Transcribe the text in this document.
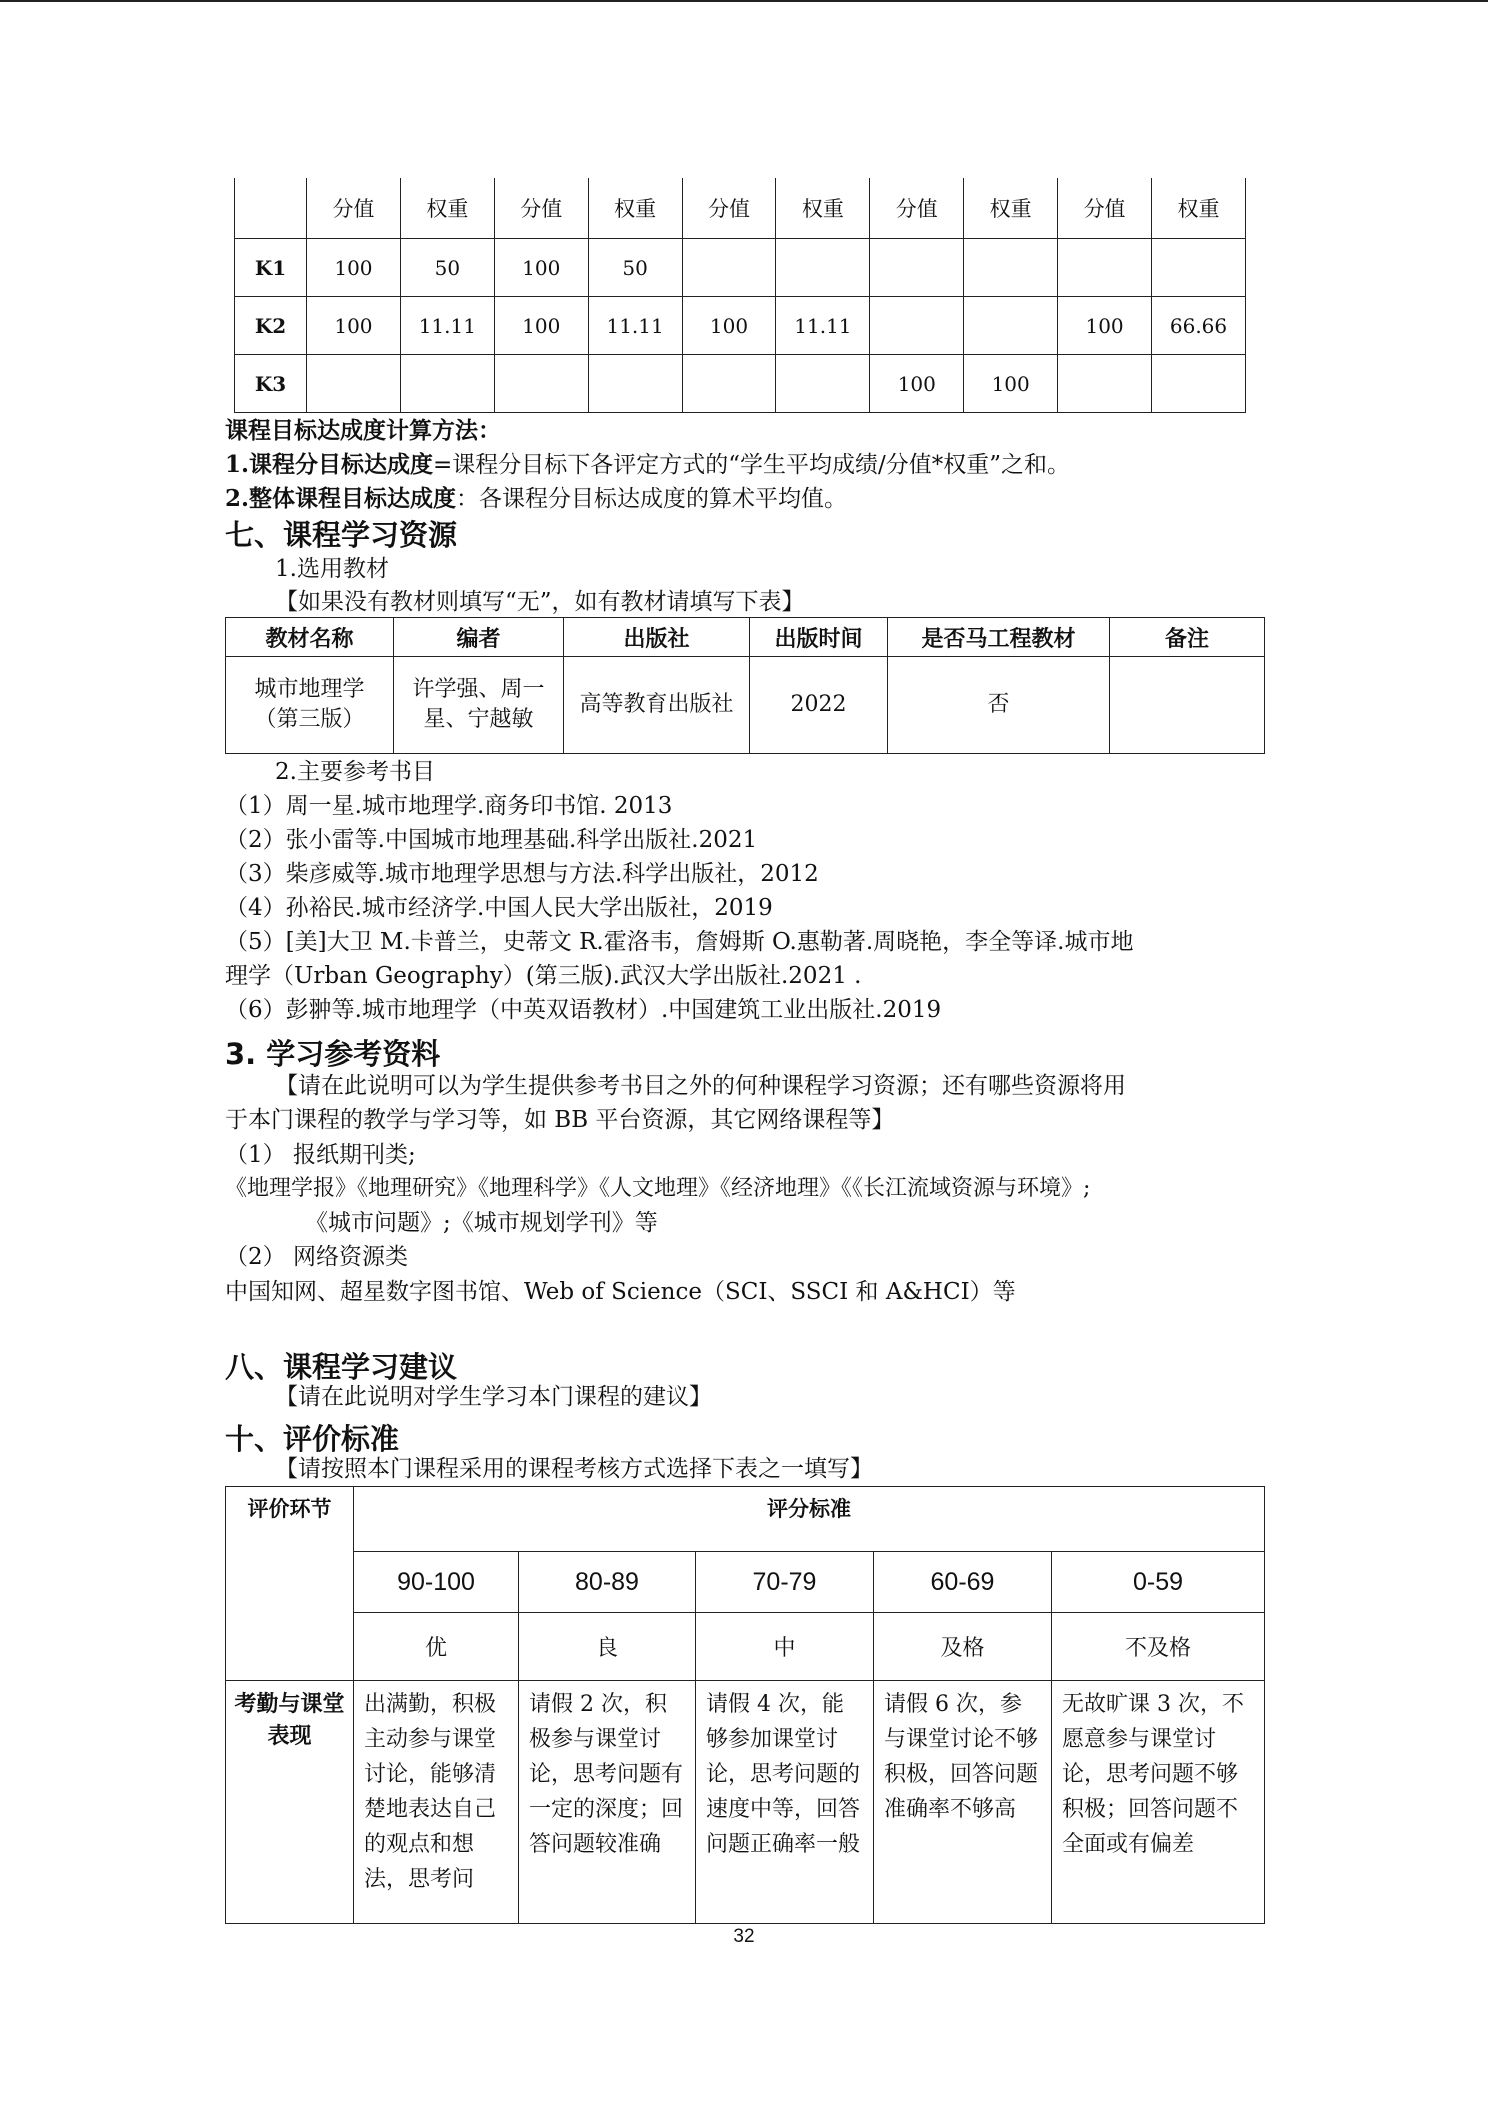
	分值	权重	分值	权重	分值	权重	分值	权重	分值	权重
K1	100	50	100	50						
K2	100	11.11	100	11.11	100	11.11			100	66.66
K3							100	100		
课程目标达成度计算方法：
1.课程分目标达成度=课程分目标下各评定方式的“学生平均成绩/分值*权重”之和。
2.整体课程目标达成度：各课程分目标达成度的算术平均值。
七、课程学习资源
1.选用教材
【如果没有教材则填写“无”，如有教材请填写下表】
教材名称	编者	出版社	出版时间	是否马工程教材	备注
城市地理学（第三版）	许学强、周一星、宁越敏	高等教育出版社	2022	否	
2.主要参考书目
（1）周一星.城市地理学.商务印书馆. 2013
（2）张小雷等.中国城市地理基础.科学出版社.2021
（3）柴彦威等.城市地理学思想与方法.科学出版社，2012
（4）孙裕民.城市经济学.中国人民大学出版社，2019
（5）[美]大卫 M.卡普兰，史蒂文 R.霍洛韦，詹姆斯 O.惠勒著.周晓艳，李全等译.城市地
理学（Urban Geography）(第三版).武汉大学出版社.2021 .
（6）彭翀等.城市地理学（中英双语教材）.中国建筑工业出版社.2019
3. 学习参考资料
【请在此说明可以为学生提供参考书目之外的何种课程学习资源；还有哪些资源将用
于本门课程的教学与学习等，如 BB 平台资源，其它网络课程等】
（1） 报纸期刊类;
《地理学报》《地理研究》《地理科学》《人文地理》《经济地理》《《长江流域资源与环境》;
《城市问题》;《城市规划学刊》等
（2） 网络资源类
中国知网、超星数字图书馆、Web of Science（SCI、SSCI 和 A&HCI）等
八、课程学习建议
【请在此说明对学生学习本门课程的建议】
十、评价标准
【请按照本门课程采用的课程考核方式选择下表之一填写】
评价环节	评分标准				
	90-100	80-89	70-79	60-69	0-59
	优	良	中	及格	不及格
考勤与课堂表现	出满勤，积极主动参与课堂讨论，能够清楚地表达自己的观点和想法，思考问	请假 2 次，积极参与课堂讨论，思考问题有一定的深度；回答问题较准确	请假 4 次，能够参加课堂讨论，思考问题的速度中等，回答问题正确率一般	请假 6 次，参与课堂讨论不够积极，回答问题准确率不够高	无故旷课 3 次，不愿意参与课堂讨论，思考问题不够积极；回答问题不全面或有偏差
32
